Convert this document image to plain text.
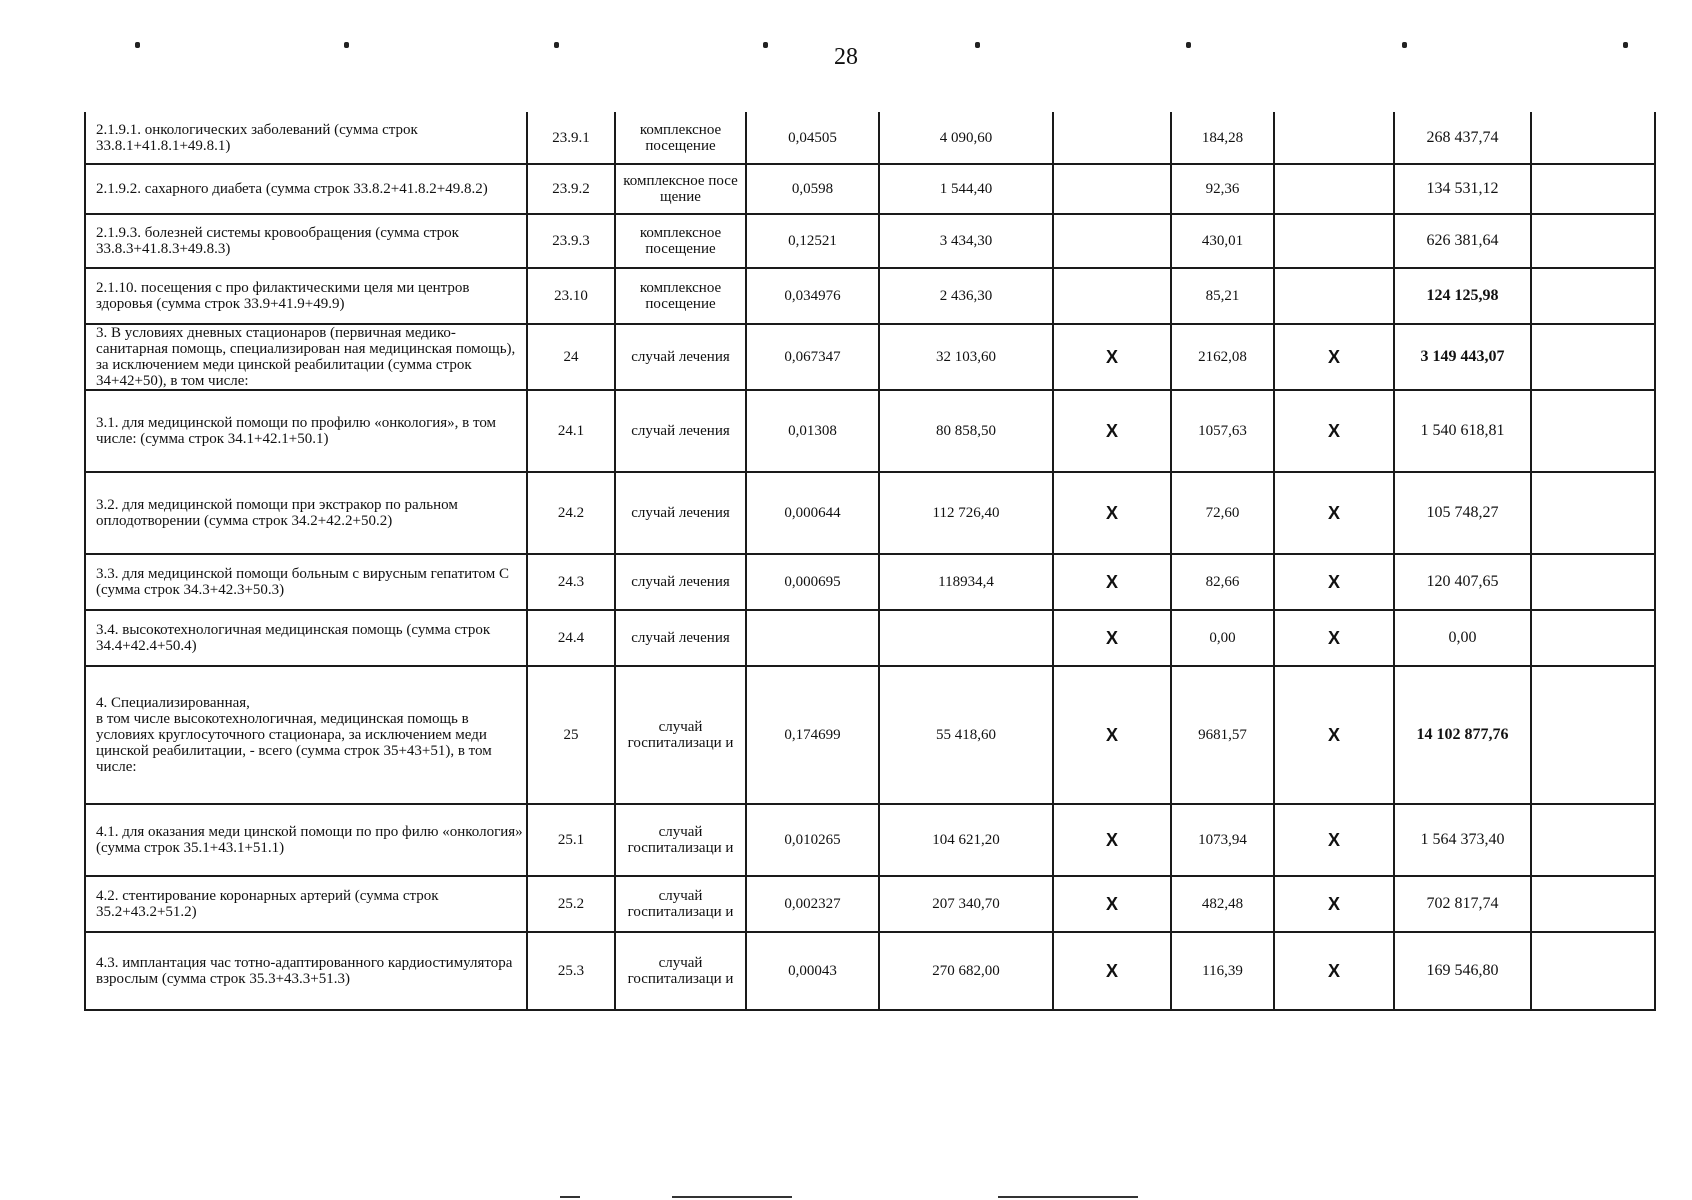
28
2.1.9.1. онкологических заболеваний (сумма строк 33.8.1+41.8.1+49.8.1)	23.9.1	комплексное посещение	0,04505	4 090,60		184,28		268 437,74	
2.1.9.2. сахарного диабета (сумма строк 33.8.2+41.8.2+49.8.2)	23.9.2	комплексное посе щение	0,0598	1 544,40		92,36		134 531,12	
2.1.9.3. болезней системы кровообращения (сумма строк 33.8.3+41.8.3+49.8.3)	23.9.3	комплексное посещение	0,12521	3 434,30		430,01		626 381,64	
2.1.10. посещения с про филактическими целя ми центров здоровья (сумма строк 33.9+41.9+49.9)	23.10	комплексное посещение	0,034976	2 436,30		85,21		124 125,98	
3. В условиях дневных стационаров (первичная медико-санитарная помощь, специализирован ная медицинская помощь), за исключением меди цинской реабилитации (сумма строк 34+42+50), в том числе:	24	случай лечения	0,067347	32 103,60	Х	2162,08	Х	3 149 443,07	
3.1. для медицинской помощи по профилю «онкология», в том числе: (сумма строк 34.1+42.1+50.1)	24.1	случай лечения	0,01308	80 858,50	Х	1057,63	Х	1 540 618,81	
3.2. для медицинской помощи при экстракор по ральном оплодотворении (сумма строк 34.2+42.2+50.2)	24.2	случай лечения	0,000644	112 726,40	Х	72,60	Х	105 748,27	
3.3. для медицинской помощи больным с вирусным гепатитом С (сумма строк 34.3+42.3+50.3)	24.3	случай лечения	0,000695	118934,4	Х	82,66	Х	120 407,65	
3.4. высокотехнологичная медицинская помощь (сумма строк 34.4+42.4+50.4)	24.4	случай лечения			Х	0,00	Х	0,00	
4. Специализированная,
в том числе высокотехнологичная, медицинская помощь в условиях круглосуточного стационара, за исключением меди цинской реабилитации, - всего (сумма строк 35+43+51), в том числе:	25	случай госпитализаци и	0,174699	55 418,60	Х	9681,57	Х	14 102 877,76	
4.1. для оказания меди цинской помощи по про филю «онкология» (сумма строк 35.1+43.1+51.1)	25.1	случай госпитализаци и	0,010265	104 621,20	Х	1073,94	Х	1 564 373,40	
4.2. стентирование коронарных артерий (сумма строк 35.2+43.2+51.2)	25.2	случай госпитализаци и	0,002327	207 340,70	Х	482,48	Х	702 817,74	
4.3. имплантация час тотно-адаптированного кардиостимулятора взрослым (сумма строк 35.3+43.3+51.3)	25.3	случай госпитализаци и	0,00043	270 682,00	Х	116,39	Х	169 546,80	
